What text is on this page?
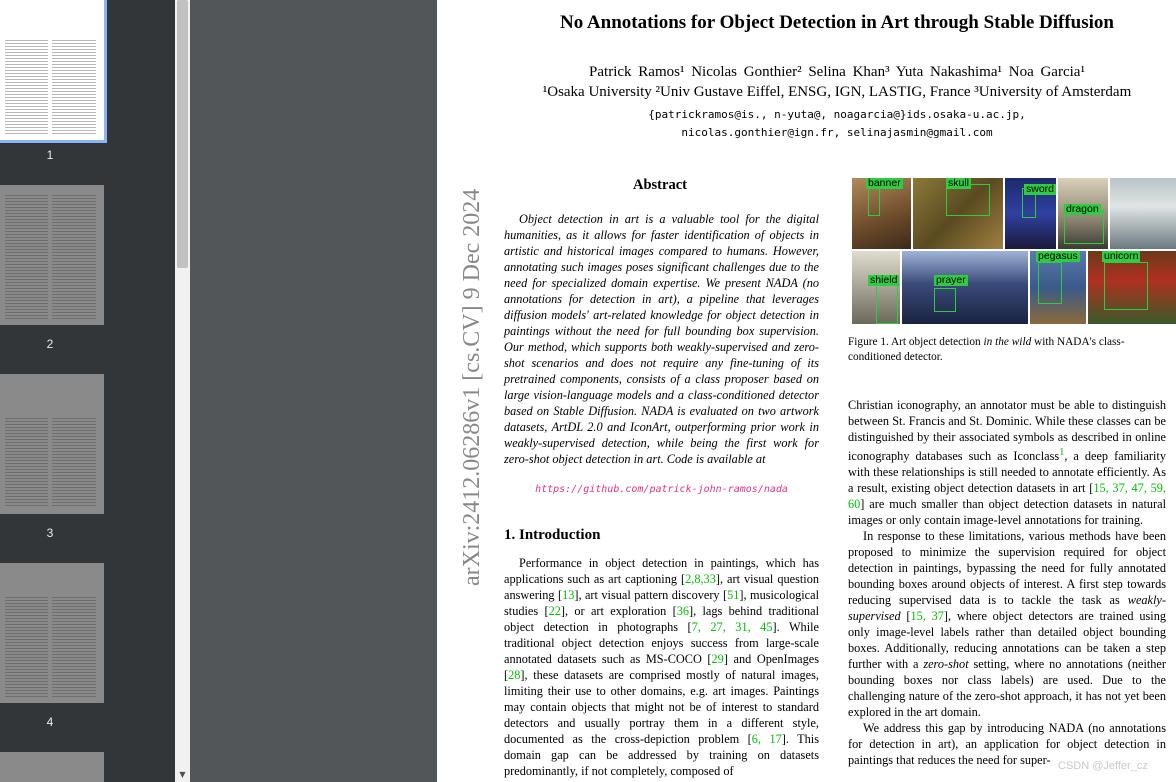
1
2
3
4
▼
No Annotations for Object Detection in Art through Stable Diffusion
Patrick Ramos¹ Nicolas Gonthier² Selina Khan³ Yuta Nakashima¹ Noa Garcia¹
¹Osaka University ²Univ Gustave Eiffel, ENSG, IGN, LASTIG, France ³University of Amsterdam
{patrickramos@is., n-yuta@, noagarcia@}ids.osaka-u.ac.jp,
nicolas.gonthier@ign.fr, selinajasmin@gmail.com
arXiv:2412.06286v1 [cs.CV] 9 Dec 2024
Abstract
Object detection in art is a valuable tool for the digital humanities, as it allows for faster identification of objects in artistic and historical images compared to humans. However, annotating such images poses significant challenges due to the need for specialized domain expertise. We present NADA (no annotations for detection in art), a pipeline that leverages diffusion models' art-related knowledge for object detection in paintings without the need for full bounding box supervision. Our method, which supports both weakly-supervised and zero-shot scenarios and does not require any fine-tuning of its pretrained components, consists of a class proposer based on large vision-language models and a class-conditioned detector based on Stable Diffusion. NADA is evaluated on two artwork datasets, ArtDL 2.0 and IconArt, outperforming prior work in weakly-supervised detection, while being the first work for zero-shot object detection in art. Code is available at
https://github.com/patrick-john-ramos/nada
1. Introduction
Performance in object detection in paintings, which has applications such as art captioning [2,8,33], art visual question answering [13], art visual pattern discovery [51], musicological studies [22], or art exploration [36], lags behind traditional object detection in photographs [7, 27, 31, 45]. While traditional object detection enjoys success from large-scale annotated datasets such as MS-COCO [29] and OpenImages [28], these datasets are comprised mostly of natural images, limiting their use to other domains, e.g. art images. Paintings may contain objects that might not be of interest to standard detectors and usually portray them in a different style, documented as the cross-depiction problem [6, 17]. This domain gap can be addressed by training on datasets predominantly, if not completely, composed of
banner	skull	sword
dragon
shield	prayer
pegasus	unicorn
Figure 1. Art object detection in the wild with NADA's class-conditioned detector.

Christian iconography, an annotator must be able to distinguish between St. Francis and St. Dominic. While these classes can be distinguished by their associated symbols as described in online iconography databases such as Iconclass$^1$, a deep familiarity with these relationships is still needed to annotate efficiently. As a result, existing object detection datasets in art [15, 37, 47, 59, 60] are much smaller than object detection datasets in natural images or only contain image-level annotations for training.

In response to these limitations, various methods have been proposed to minimize the supervision required for object detection in paintings, bypassing the need for fully annotated bounding boxes around objects of interest. A first step towards reducing supervised data is to tackle the task as weakly-supervised [15, 37], where object detectors are trained using only image-level labels rather than detailed object bounding boxes. Additionally, reducing annotations can be taken a step further with a zero-shot setting, where no annotations (neither bounding boxes nor class labels) are used. Due to the challenging nature of the zero-shot approach, it has not yet been explored in the art domain.

We address this gap by introducing NADA (no annotations for detection in art), an application for object detection in paintings that reduces the need for super- CSDN @Jeffer_cz
